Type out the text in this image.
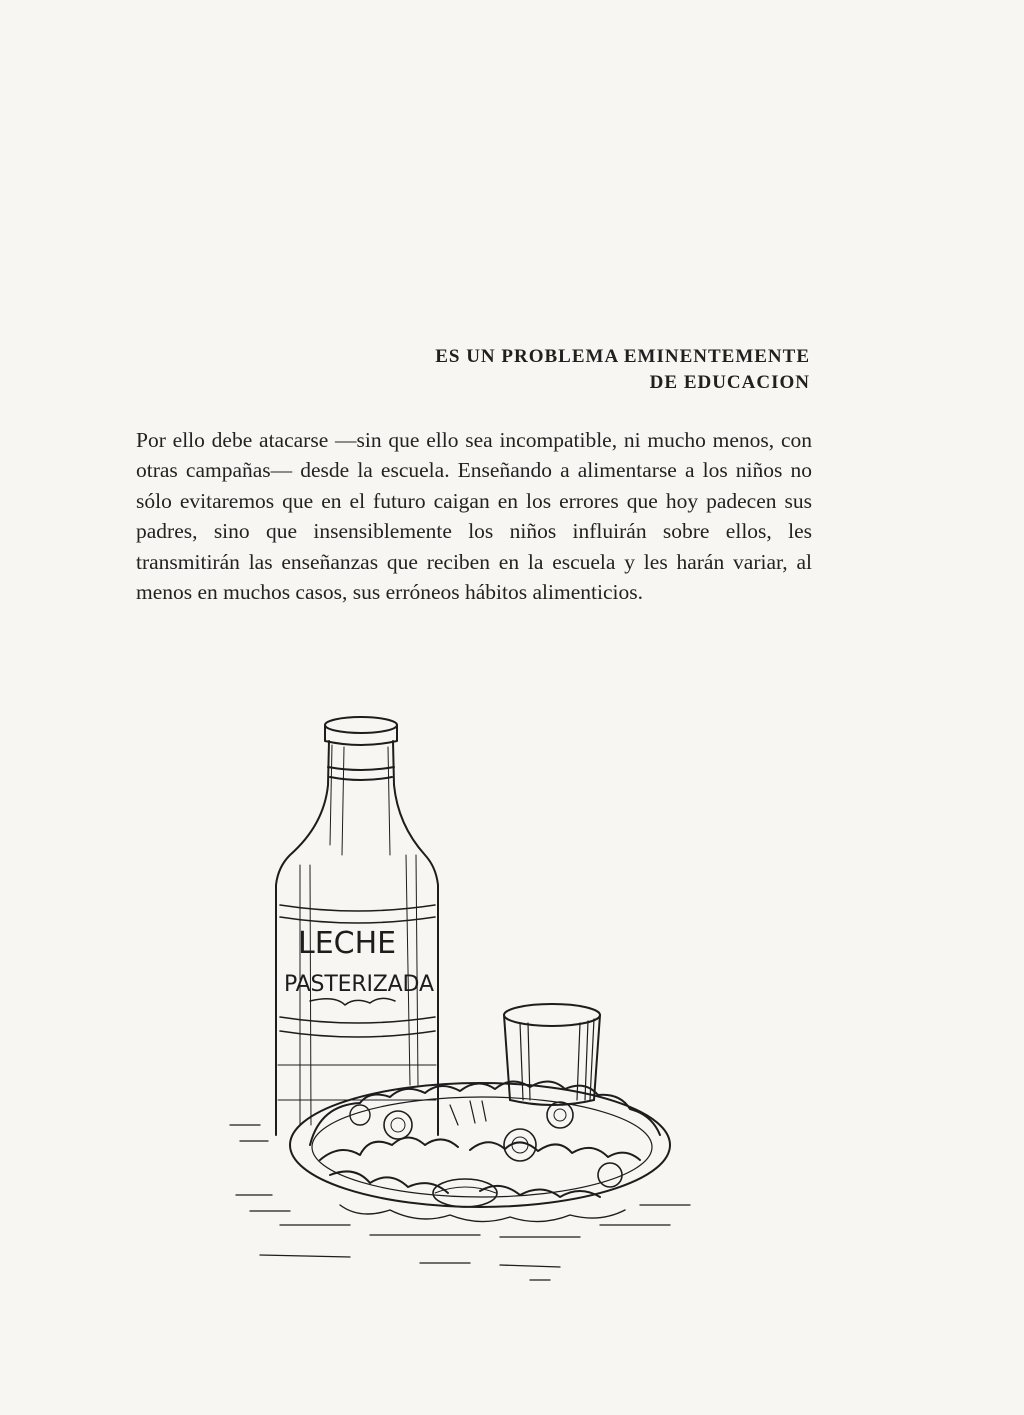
ES UN PROBLEMA EMINENTEMENTE
DE EDUCACION

Por ello debe atacarse —sin que ello sea incompatible, ni mucho menos, con otras campañas— desde la escuela. Enseñando a alimentarse a los niños no sólo evitaremos que en el futuro caigan en los errores que hoy padecen sus padres, sino que insensiblemente los niños influirán sobre ellos, les transmitirán las enseñanzas que reciben en la escuela y les harán variar, al menos en muchos casos, sus erróneos hábitos alimenticios.

LECHE
PASTERIZADA
